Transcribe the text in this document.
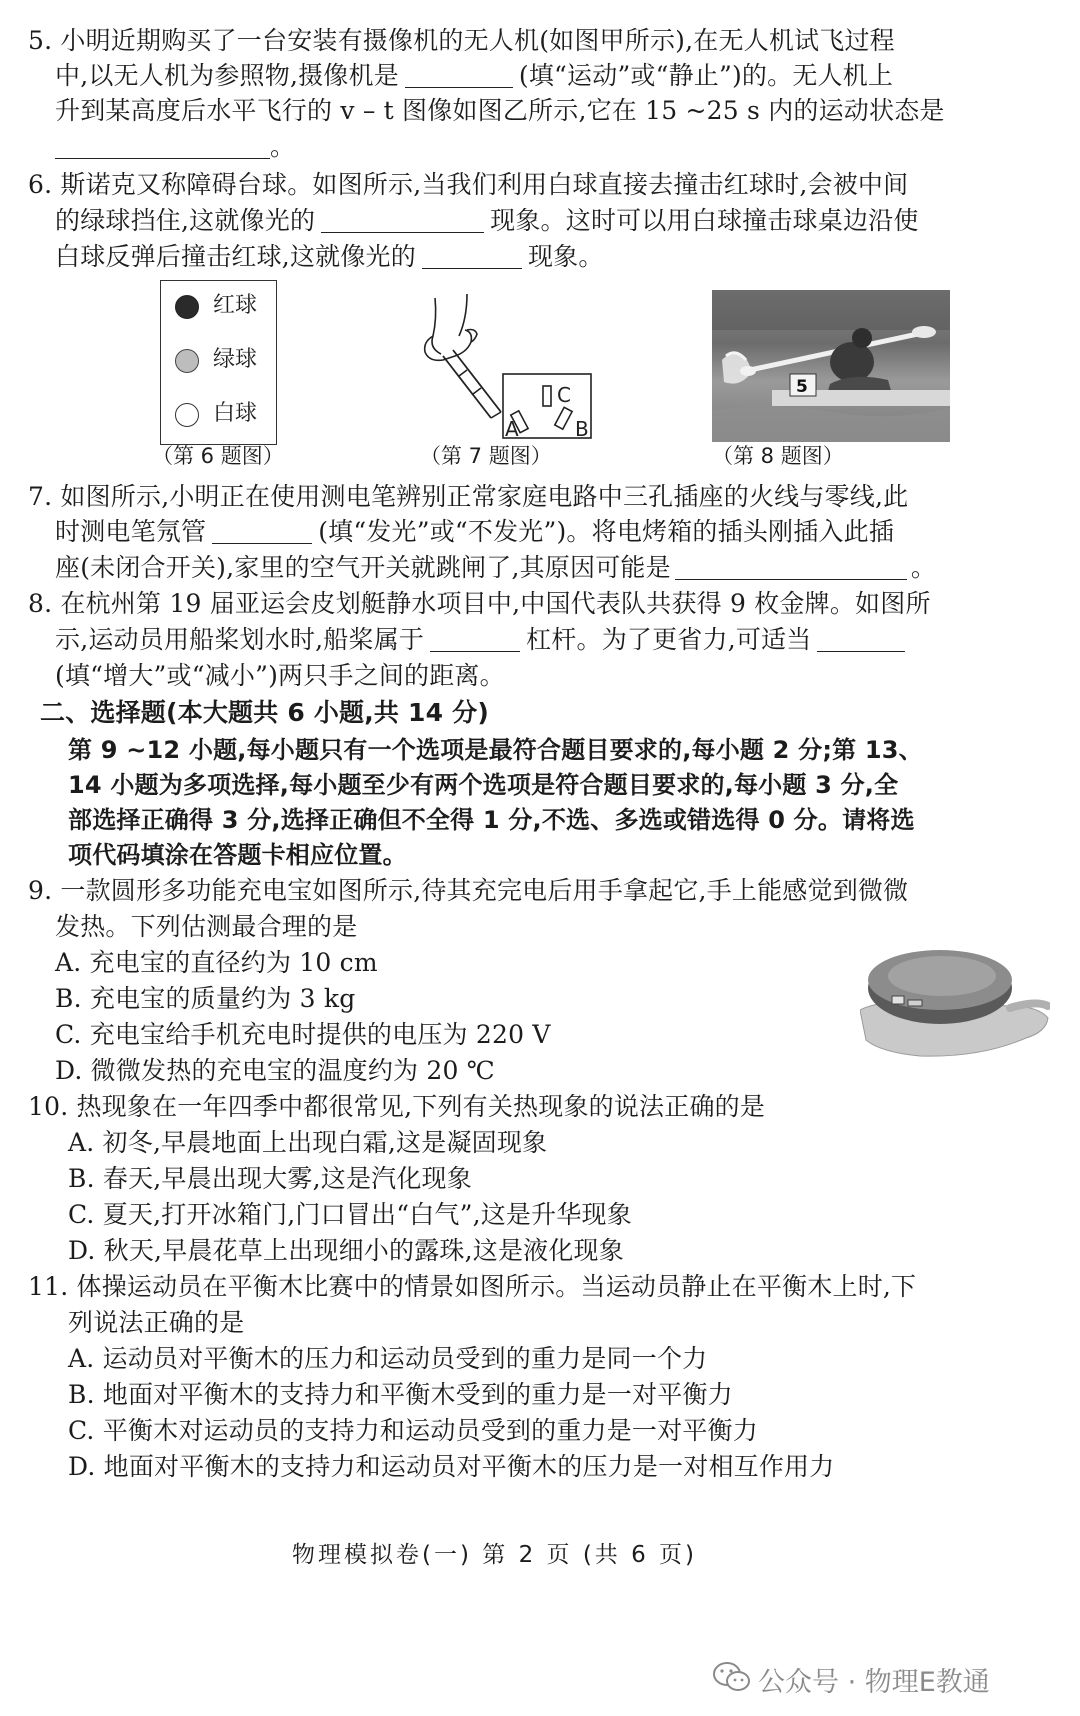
5. 小明近期购买了一台安装有摄像机的无人机(如图甲所示),在无人机试飞过程
中,以无人机为参照物,摄像机是	(填“运动”或“静止”)的。无人机上
升到某高度后水平飞行的 v – t 图像如图乙所示,它在 15 ~25 s 内的运动状态是
。
6. 斯诺克又称障碍台球。如图所示,当我们利用白球直接去撞击红球时,会被中间
的绿球挡住,这就像光的	现象。这时可以用白球撞击球桌边沿使
白球反弹后撞击红球,这就像光的	现象。
红球
绿球
白球
（第 6 题图）
C
A	B
（第 7 题图）
5
（第 8 题图）
7. 如图所示,小明正在使用测电笔辨别正常家庭电路中三孔插座的火线与零线,此
时测电笔氖管	(填“发光”或“不发光”)。将电烤箱的插头刚插入此插
座(未闭合开关),家里的空气开关就跳闸了,其原因可能是	。
8. 在杭州第 19 届亚运会皮划艇静水项目中,中国代表队共获得 9 枚金牌。如图所
示,运动员用船桨划水时,船桨属于	杠杆。为了更省力,可适当
(填“增大”或“减小”)两只手之间的距离。
二、选择题(本大题共 6 小题,共 14 分)
第 9 ~12 小题,每小题只有一个选项是最符合题目要求的,每小题 2 分;第 13、
14 小题为多项选择,每小题至少有两个选项是符合题目要求的,每小题 3 分,全
部选择正确得 3 分,选择正确但不全得 1 分,不选、多选或错选得 0 分。请将选
项代码填涂在答题卡相应位置。
9. 一款圆形多功能充电宝如图所示,待其充完电后用手拿起它,手上能感觉到微微
发热。下列估测最合理的是
A. 充电宝的直径约为 10 cm
B. 充电宝的质量约为 3 kg
C. 充电宝给手机充电时提供的电压为 220 V
D. 微微发热的充电宝的温度约为 20 ℃
10. 热现象在一年四季中都很常见,下列有关热现象的说法正确的是
A. 初冬,早晨地面上出现白霜,这是凝固现象
B. 春天,早晨出现大雾,这是汽化现象
C. 夏天,打开冰箱门,门口冒出“白气”,这是升华现象
D. 秋天,早晨花草上出现细小的露珠,这是液化现象
11. 体操运动员在平衡木比赛中的情景如图所示。当运动员静止在平衡木上时,下
列说法正确的是
A. 运动员对平衡木的压力和运动员受到的重力是同一个力
B. 地面对平衡木的支持力和平衡木受到的重力是一对平衡力
C. 平衡木对运动员的支持力和运动员受到的重力是一对平衡力
D. 地面对平衡木的支持力和运动员对平衡木的压力是一对相互作用力
物理模拟卷(一) 第 2 页 (共 6 页)
公众号 · 物理E教通
